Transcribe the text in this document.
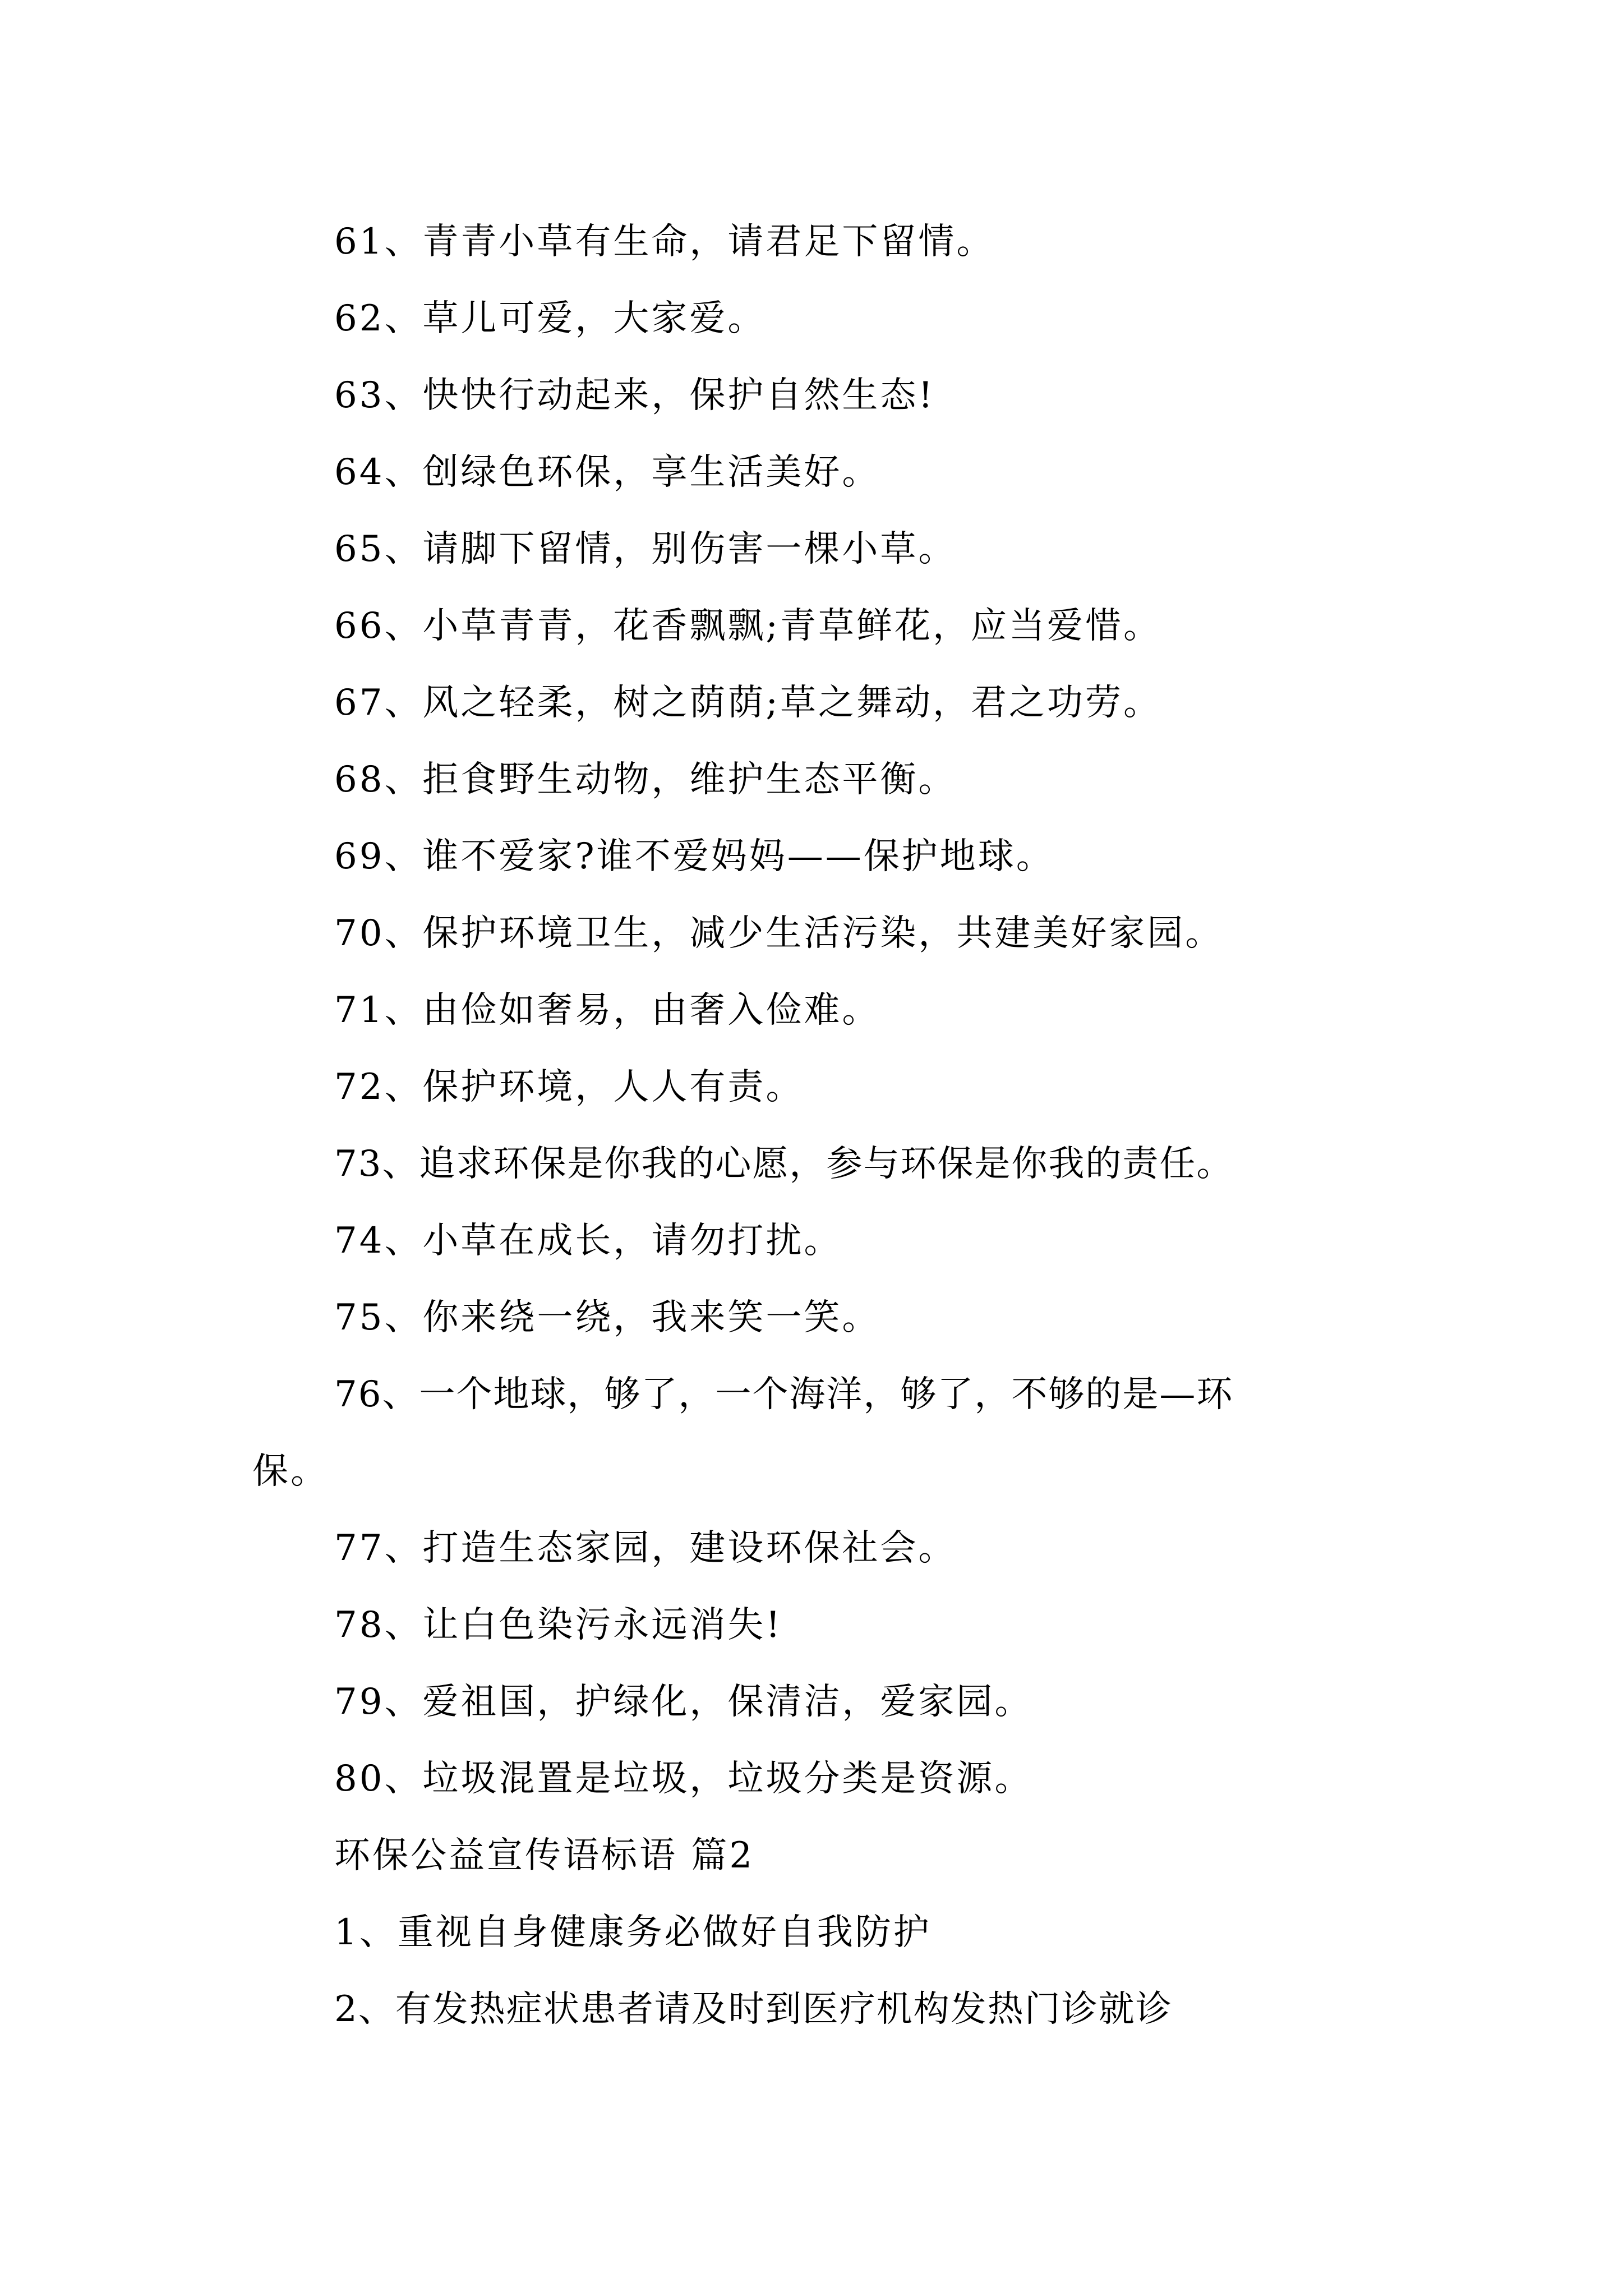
61、青青小草有生命，请君足下留情。
62、草儿可爱，大家爱。
63、快快行动起来，保护自然生态!
64、创绿色环保，享生活美好。
65、请脚下留情，别伤害一棵小草。
66、小草青青，花香飘飘;青草鲜花，应当爱惜。
67、风之轻柔，树之荫荫;草之舞动，君之功劳。
68、拒食野生动物，维护生态平衡。
69、谁不爱家?谁不爱妈妈——保护地球。
70、保护环境卫生，减少生活污染，共建美好家园。
71、由俭如奢易，由奢入俭难。
72、保护环境，人人有责。
73、追求环保是你我的心愿，参与环保是你我的责任。
74、小草在成长，请勿打扰。
75、你来绕一绕，我来笑一笑。
76、一个地球，够了，一个海洋，够了，不够的是—环
保。
77、打造生态家园，建设环保社会。
78、让白色染污永远消失!
79、爱祖国，护绿化，保清洁，爱家园。
80、垃圾混置是垃圾，垃圾分类是资源。
环保公益宣传语标语 篇2
1、重视自身健康务必做好自我防护
2、有发热症状患者请及时到医疗机构发热门诊就诊
